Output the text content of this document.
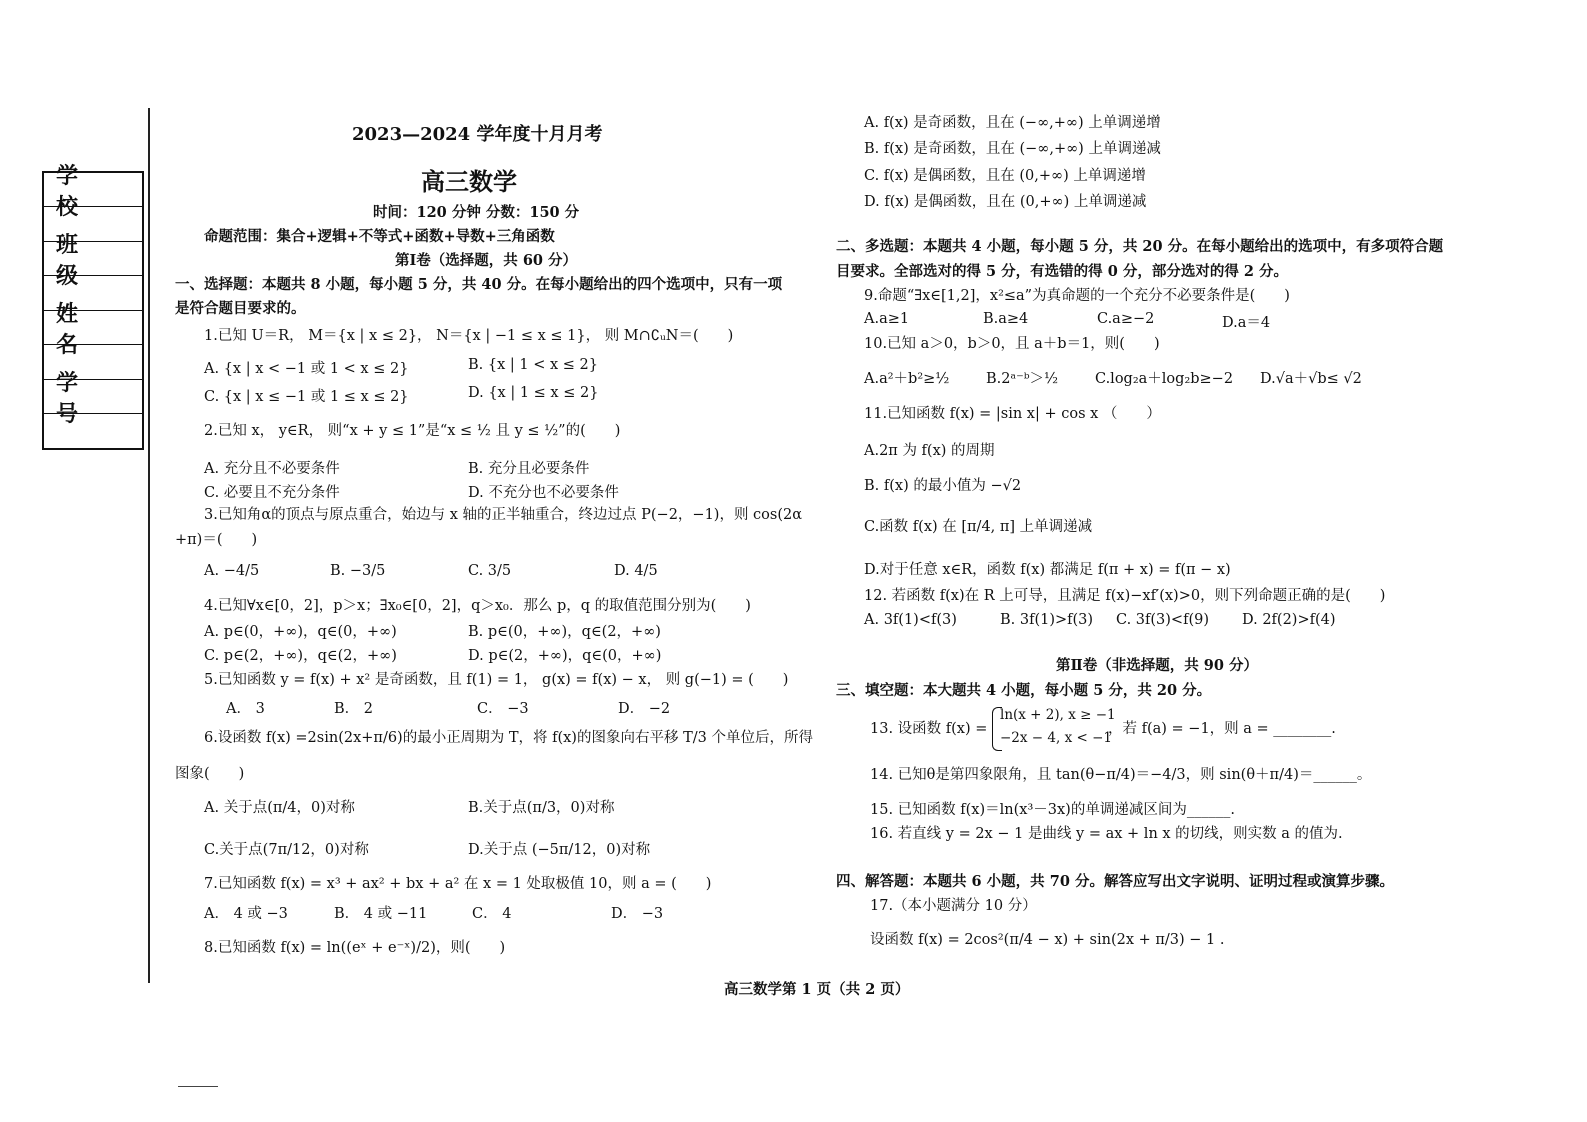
学 校
班 级
姓 名
学 号
2023—2024 学年度十月月考
高三数学
时间：120 分钟 分数：150 分
命题范围：集合+逻辑+不等式+函数+导数+三角函数
第Ⅰ卷（选择题，共 60 分）
一、选择题：本题共 8 小题，每小题 5 分，共 40 分。在每小题给出的四个选项中，只有一项
是符合题目要求的。
1.已知 U＝R， M＝{x | x ≤ 2}， N＝{x | −1 ≤ x ≤ 1}， 则 M∩∁ᵤN＝(　　)
A. {x | x < −1 或 1 < x ≤ 2}	B. {x | 1 < x ≤ 2}
C. {x | x ≤ −1 或 1 ≤ x ≤ 2}	D. {x | 1 ≤ x ≤ 2}
2.已知 x， y∈R， 则“x + y ≤ 1”是“x ≤ ½ 且 y ≤ ½”的(　　)
A. 充分且不必要条件	B. 充分且必要条件
C. 必要且不充分条件	D. 不充分也不必要条件
3.已知角α的顶点与原点重合，始边与 x 轴的正半轴重合，终边过点 P(−2，−1)，则 cos(2α
+π)＝(　　)
A. −4/5	B. −3/5	C. 3/5	D. 4/5
4.已知∀x∈[0，2]，p＞x；∃x₀∈[0，2]，q＞x₀．那么 p，q 的取值范围分别为(　　)
A. p∈(0，+∞)，q∈(0，+∞)	B. p∈(0，+∞)，q∈(2，+∞)
C. p∈(2，+∞)，q∈(2，+∞)	D. p∈(2，+∞)，q∈(0，+∞)
5.已知函数 y = f(x) + x² 是奇函数，且 f(1) = 1， g(x) = f(x) − x， 则 g(−1) = (　　)
A． 3	B． 2	C． −3	D． −2
6.设函数 f(x) =2sin(2x+π/6)的最小正周期为 T，将 f(x)的图象向右平移 T/3 个单位后，所得
图象(　　)
A. 关于点(π/4，0)对称	B.关于点(π/3，0)对称
C.关于点(7π/12，0)对称	D.关于点 (−5π/12，0)对称
7.已知函数 f(x) = x³ + ax² + bx + a² 在 x = 1 处取极值 10，则 a = (　　)
A． 4 或 −3	B． 4 或 −11	C． 4	D． −3
8.已知函数 f(x) = ln((eˣ + e⁻ˣ)/2)，则(　　)
A. f(x) 是奇函数，且在 (−∞,+∞) 上单调递增
B. f(x) 是奇函数，且在 (−∞,+∞) 上单调递减
C. f(x) 是偶函数，且在 (0,+∞) 上单调递增
D. f(x) 是偶函数，且在 (0,+∞) 上单调递减
二、多选题：本题共 4 小题，每小题 5 分，共 20 分。在每小题给出的选项中，有多项符合题
目要求。全部选对的得 5 分，有选错的得 0 分，部分选对的得 2 分。
9.命题“∃x∈[1,2]，x²≤a”为真命题的一个充分不必要条件是(　　)
A.a≥1	B.a≥4	C.a≥−2	D.a＝4
10.已知 a＞0，b＞0，且 a＋b＝1，则(　　)
A.a²＋b²≥½	B.2ᵃ⁻ᵇ＞½	C.log₂a＋log₂b≥−2 D.√a＋√b≤ √2
11.已知函数 f(x) = |sin x| + cos x （　　）
A.2π 为 f(x) 的周期
B. f(x) 的最小值为 −√2
C.函数 f(x) 在 [π/4, π] 上单调递减
D.对于任意 x∈R，函数 f(x) 都满足 f(π + x) = f(π − x)
12. 若函数 f(x)在 R 上可导，且满足 f(x)−xf′(x)>0，则下列命题正确的是(　　)
A. 3f(1)<f(3)	B. 3f(1)>f(3) C. 3f(3)<f(9) D. 2f(2)>f(4)
第Ⅱ卷（非选择题，共 90 分）
三、填空题：本大题共 4 小题，每小题 5 分，共 20 分。
13. 设函数 f(x) =
ln(x + 2), x ≥ −1
−2x − 4, x < −1
，若 f(a) = −1，则 a = ________.
14. 已知θ是第四象限角，且 tan(θ−π/4)＝−4/3，则 sin(θ＋π/4)＝______。
15. 已知函数 f(x)＝ln(x³－3x)的单调递减区间为______.
16. 若直线 y = 2x − 1 是曲线 y = ax + ln x 的切线，则实数 a 的值为.
四、解答题：本题共 6 小题，共 70 分。解答应写出文字说明、证明过程或演算步骤。
17.（本小题满分 10 分）
设函数 f(x) = 2cos²(π/4 − x) + sin(2x + π/3) − 1 .
高三数学第 1 页（共 2 页）
